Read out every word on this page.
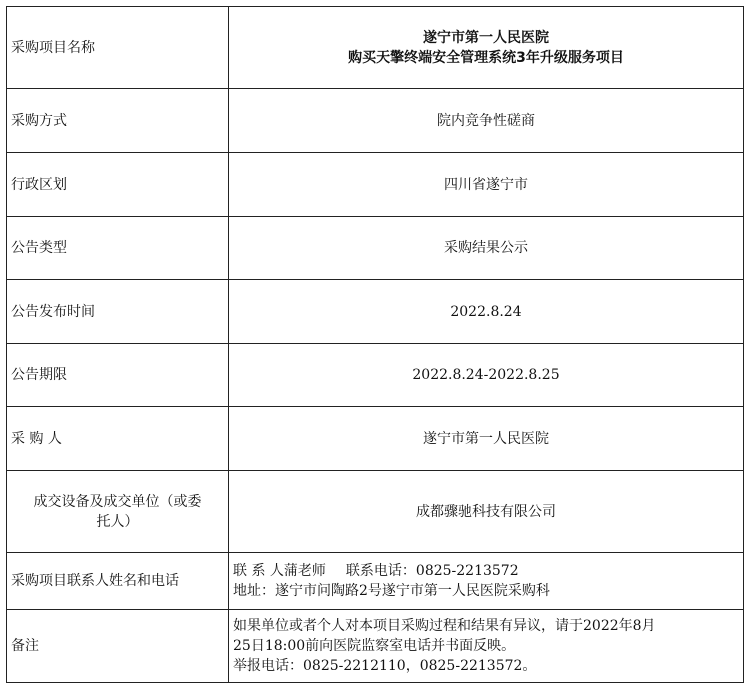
采购项目名称	遂宁市第一人民医院
购买天擎终端安全管理系统3年升级服务项目

采购方式	院内竞争性磋商
行政区划	四川省遂宁市
公告类型	采购结果公示
公告发布时间	2022.8.24
公告期限	2022.8.24-2022.8.25
采 购 人	遂宁市第一人民医院

成交设备及成交单位（或委
托人）	成都骤驰科技有限公司
采购项目联系人姓名和电话	联 系 人蒲老师 联系电话：0825-2213572
地址：遂宁市问陶路2号遂宁市第一人民医院采购科

备注	如果单位或者个人对本项目采购过程和结果有异议，请于2022年8月
25日18:00前向医院监察室电话并书面反映。
举报电话：0825-2212110，0825-2213572。
